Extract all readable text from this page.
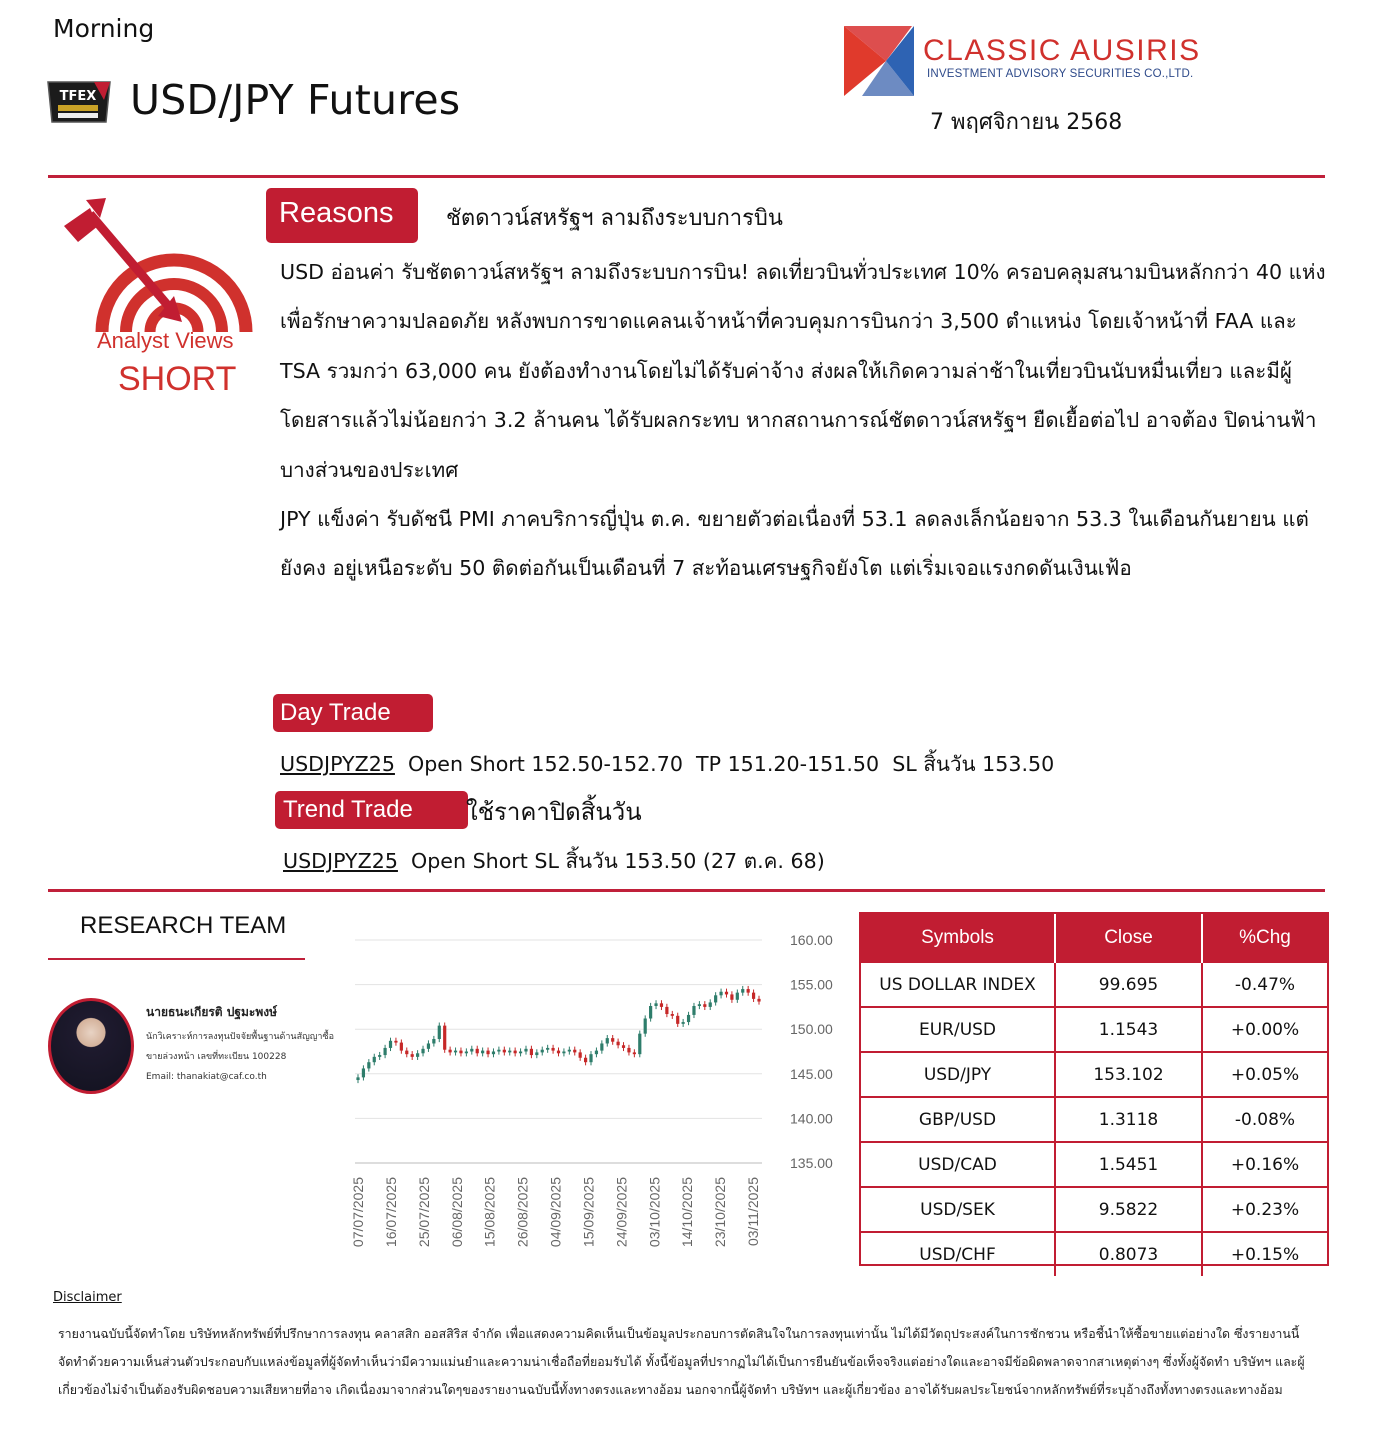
Morning
TFEX USD/JPY Futures
CLASSIC AUSIRIS
INVESTMENT ADVISORY SECURITIES CO.,LTD.
7 พฤศจิกายน 2568
Analyst Views
SHORT
Reasons	ชัตดาวน์สหรัฐฯ ลามถึงระบบการบิน

USD อ่อนค่า รับชัตดาวน์สหรัฐฯ ลามถึงระบบการบิน! ลดเที่ยวบินทั่วประเทศ 10% ครอบคลุมสนามบินหลักกว่า 40 แห่ง เพื่อรักษาความปลอดภัย หลังพบการขาดแคลนเจ้าหน้าที่ควบคุมการบินกว่า 3,500 ตำแหน่ง โดยเจ้าหน้าที่ FAA และ TSA รวมกว่า 63,000 คน ยังต้องทำงานโดยไม่ได้รับค่าจ้าง ส่งผลให้เกิดความล่าช้าในเที่ยวบินนับหมื่นเที่ยว และมีผู้โดยสารแล้วไม่น้อยกว่า 3.2 ล้านคน ได้รับผลกระทบ หากสถานการณ์ชัตดาวน์สหรัฐฯ ยืดเยื้อต่อไป อาจต้อง ปิดน่านฟ้าบางส่วนของประเทศ

JPY แข็งค่า รับดัชนี PMI ภาคบริการญี่ปุ่น ต.ค. ขยายตัวต่อเนื่องที่ 53.1 ลดลงเล็กน้อยจาก 53.3 ในเดือนกันยายน แต่ยังคง อยู่เหนือระดับ 50 ติดต่อกันเป็นเดือนที่ 7 สะท้อนเศรษฐกิจยังโต แต่เริ่มเจอแรงกดดันเงินเฟ้อ

Day Trade
USDJPYZ25  Open Short 152.50-152.70  TP 151.20-151.50  SL สิ้นวัน 153.50
Trend Trade	ใช้ราคาปิดสิ้นวัน
USDJPYZ25  Open Short SL สิ้นวัน 153.50 (27 ต.ค. 68)
RESEARCH TEAM
นายธนะเกียรติ ปฐมะพงษ์
นักวิเคราะห์การลงทุนปัจจัยพื้นฐานด้านสัญญาซื้อขายล่วงหน้า เลขที่ทะเบียน 100228
Email: thanakiat@caf.co.th
160.00
155.00
150.00
145.00
140.00
135.00
07/07/2025 16/07/2025 25/07/2025 06/08/2025 15/08/2025 26/08/2025 04/09/2025 15/09/2025 24/09/2025 03/10/2025 14/10/2025 23/10/2025 03/11/2025
Symbols	Close	%Chg
US DOLLAR INDEX	99.695	-0.47%
EUR/USD	1.1543	+0.00%
USD/JPY	153.102	+0.05%
GBP/USD	1.3118	-0.08%
USD/CAD	1.5451	+0.16%
USD/SEK	9.5822	+0.23%
USD/CHF	0.8073	+0.15%
Disclaimer
รายงานฉบับนี้จัดทำโดย บริษัทหลักทรัพย์ที่ปรึกษาการลงทุน คลาสสิก ออสสิริส จำกัด เพื่อแสดงความคิดเห็นเป็นข้อมูลประกอบการตัดสินใจในการลงทุนเท่านั้น ไม่ได้มีวัตถุประสงค์ในการชักชวน หรือชี้นำให้ซื้อขายแต่อย่างใด ซึ่งรายงานนี้ จัดทำด้วยความเห็นส่วนตัวประกอบกับแหล่งข้อมูลที่ผู้จัดทำเห็นว่ามีความแม่นยำและความน่าเชื่อถือที่ยอมรับได้ ทั้งนี้ข้อมูลที่ปรากฏไม่ได้เป็นการยืนยันข้อเท็จจริงแต่อย่างใดและอาจมีข้อผิดพลาดจากสาเหตุต่างๆ ซึ่งทั้งผู้จัดทำ บริษัทฯ และผู้เกี่ยวข้องไม่จำเป็นต้องรับผิดชอบความเสียหายที่อาจ เกิดเนื่องมาจากส่วนใดๆของรายงานฉบับนี้ทั้งทางตรงและทางอ้อม นอกจากนี้ผู้จัดทำ บริษัทฯ และผู้เกี่ยวข้อง อาจได้รับผลประโยชน์จากหลักทรัพย์ที่ระบุอ้างถึงทั้งทางตรงและทางอ้อม
